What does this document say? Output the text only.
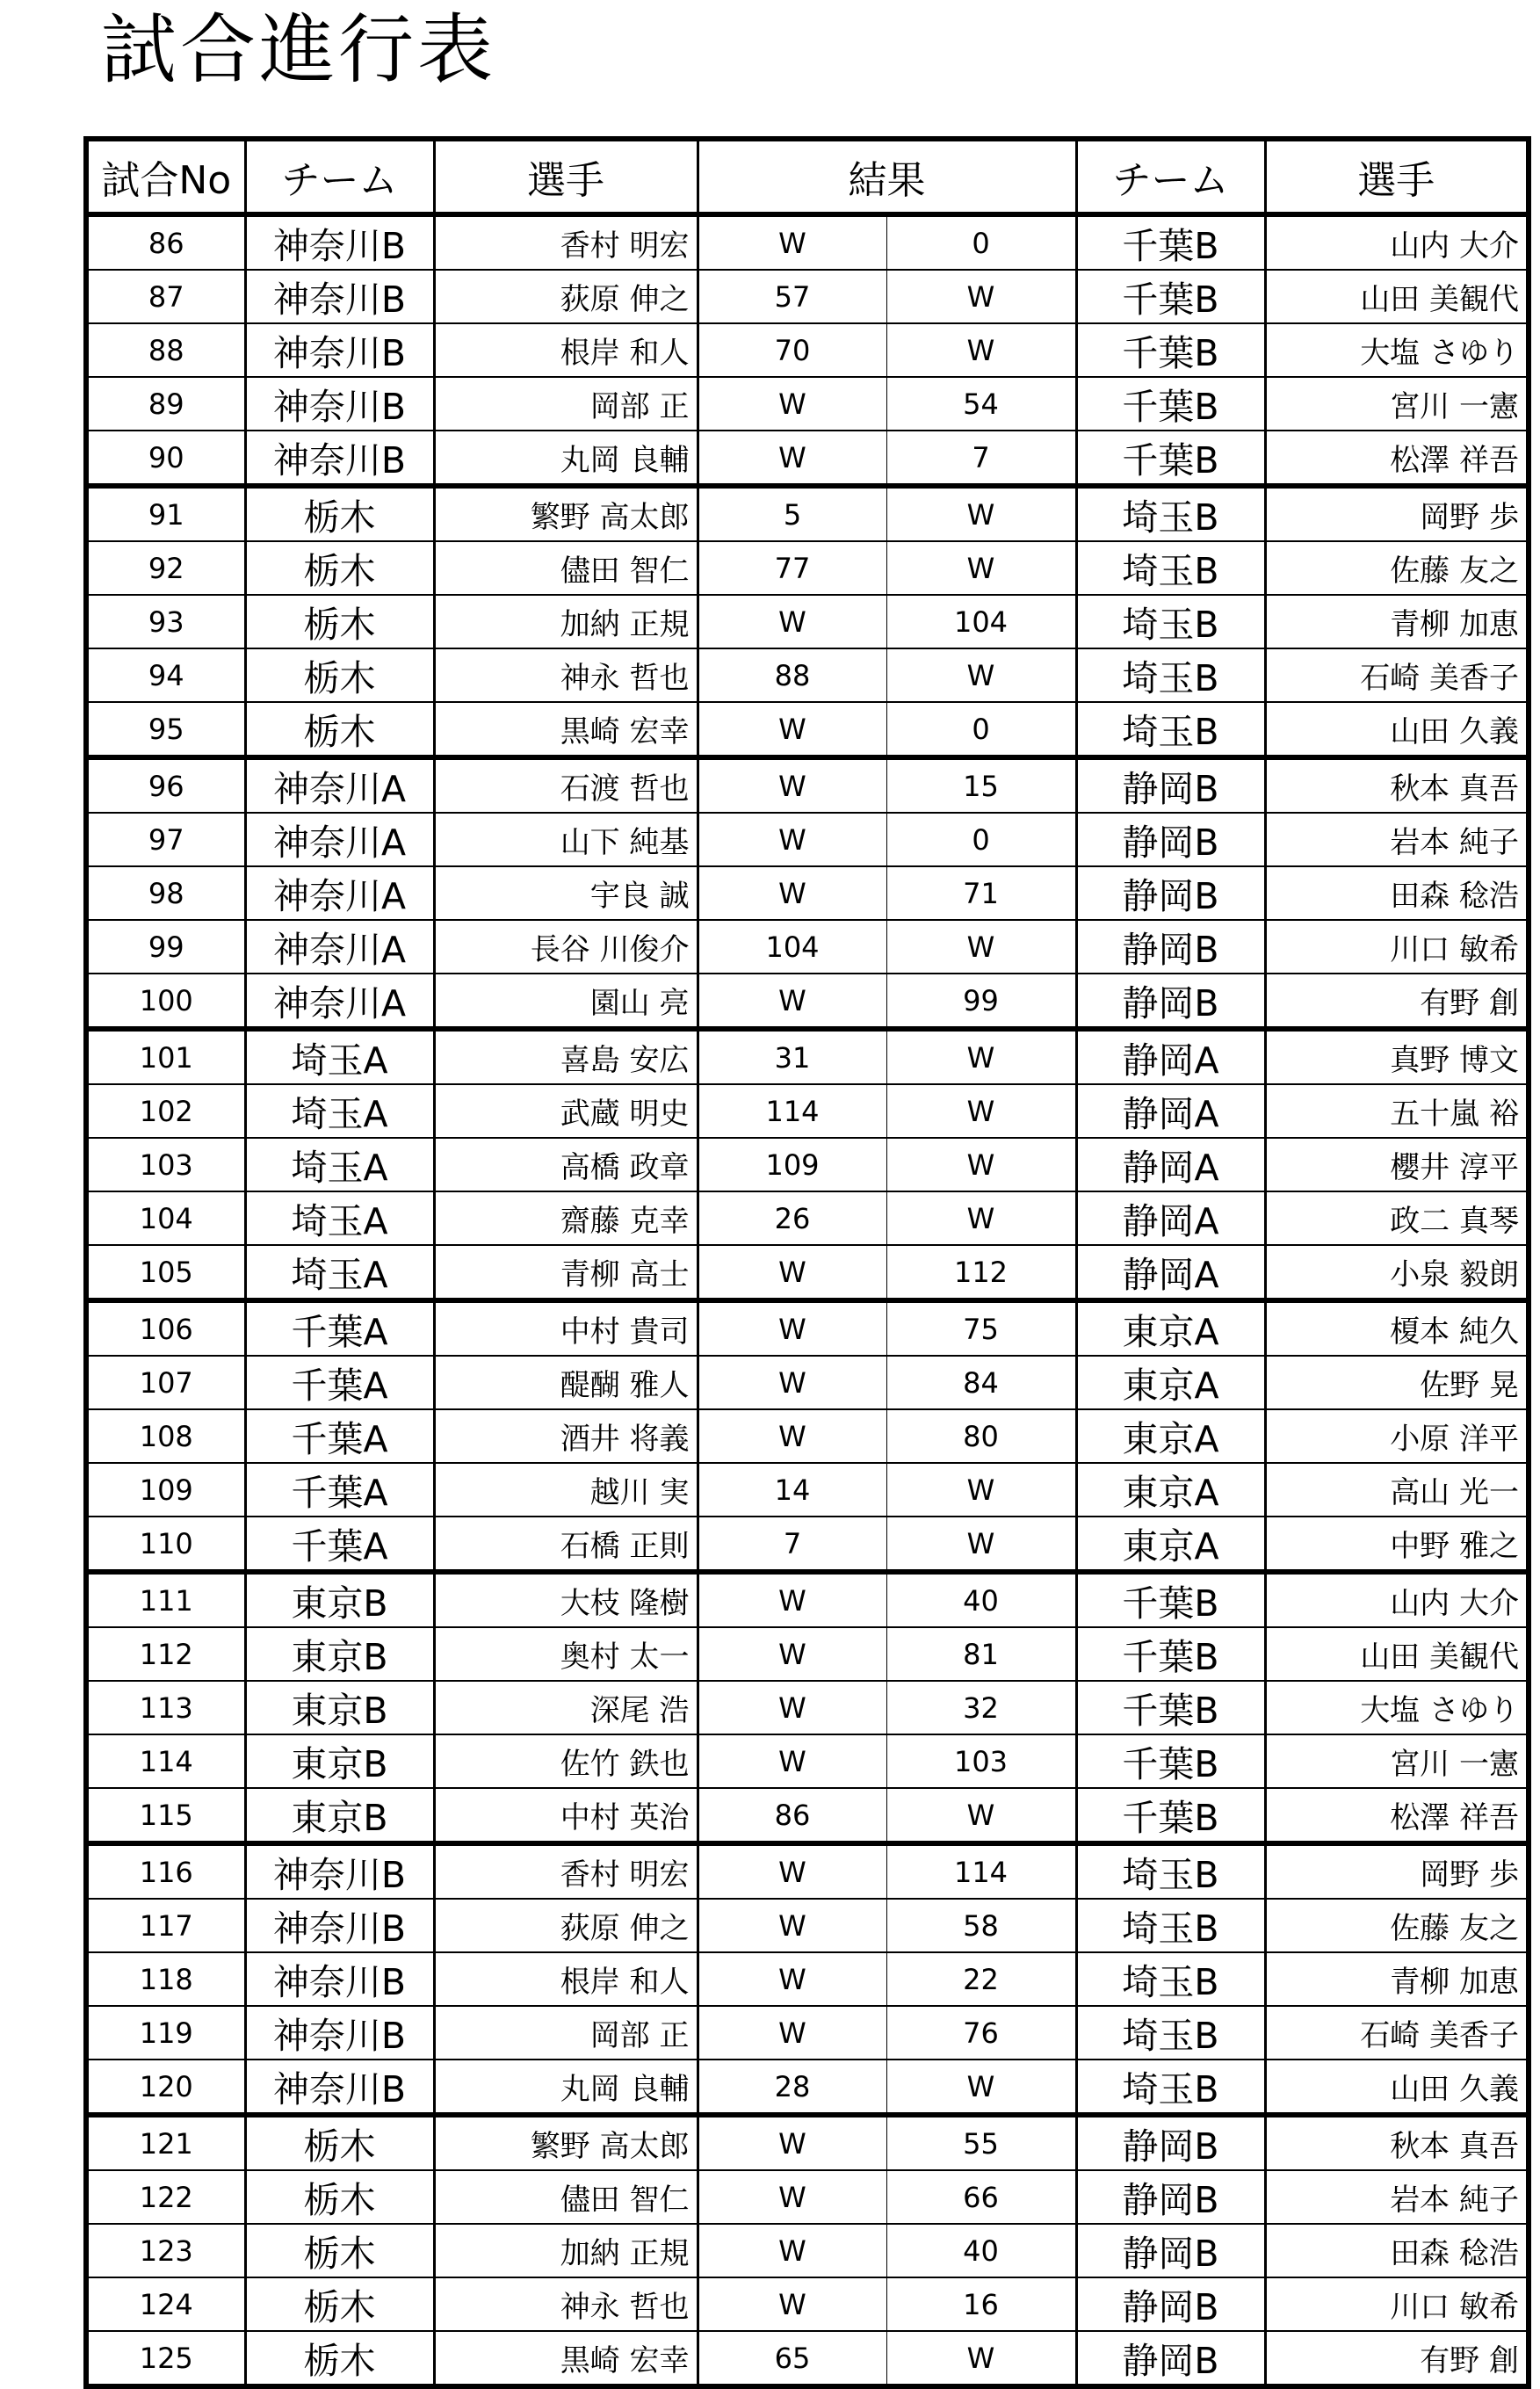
試合進行表
試合No	チーム	選手	結果		チーム	選手
86	神奈川B	香村 明宏	W	0	千葉B	山内 大介
87	神奈川B	荻原 伸之	57	W	千葉B	山田 美観代
88	神奈川B	根岸 和人	70	W	千葉B	大塩 さゆり
89	神奈川B	岡部 正	W	54	千葉B	宮川 一憲
90	神奈川B	丸岡 良輔	W	7	千葉B	松澤 祥吾
91	栃木	繁野 高太郎	5	W	埼玉B	岡野 歩
92	栃木	儘田 智仁	77	W	埼玉B	佐藤 友之
93	栃木	加納 正規	W	104	埼玉B	青柳 加恵
94	栃木	神永 哲也	88	W	埼玉B	石崎 美香子
95	栃木	黒崎 宏幸	W	0	埼玉B	山田 久義
96	神奈川A	石渡 哲也	W	15	静岡B	秋本 真吾
97	神奈川A	山下 純基	W	0	静岡B	岩本 純子
98	神奈川A	宇良 誠	W	71	静岡B	田森 稔浩
99	神奈川A	長谷 川俊介	104	W	静岡B	川口 敏希
100	神奈川A	園山 亮	W	99	静岡B	有野 創
101	埼玉A	喜島 安広	31	W	静岡A	真野 博文
102	埼玉A	武蔵 明史	114	W	静岡A	五十嵐 裕
103	埼玉A	高橋 政章	109	W	静岡A	櫻井 淳平
104	埼玉A	齋藤 克幸	26	W	静岡A	政二 真琴
105	埼玉A	青柳 高士	W	112	静岡A	小泉 毅朗
106	千葉A	中村 貴司	W	75	東京A	榎本 純久
107	千葉A	醍醐 雅人	W	84	東京A	佐野 晃
108	千葉A	酒井 将義	W	80	東京A	小原 洋平
109	千葉A	越川 実	14	W	東京A	高山 光一
110	千葉A	石橋 正則	7	W	東京A	中野 雅之
111	東京B	大枝 隆樹	W	40	千葉B	山内 大介
112	東京B	奥村 太一	W	81	千葉B	山田 美観代
113	東京B	深尾 浩	W	32	千葉B	大塩 さゆり
114	東京B	佐竹 鉄也	W	103	千葉B	宮川 一憲
115	東京B	中村 英治	86	W	千葉B	松澤 祥吾
116	神奈川B	香村 明宏	W	114	埼玉B	岡野 歩
117	神奈川B	荻原 伸之	W	58	埼玉B	佐藤 友之
118	神奈川B	根岸 和人	W	22	埼玉B	青柳 加恵
119	神奈川B	岡部 正	W	76	埼玉B	石崎 美香子
120	神奈川B	丸岡 良輔	28	W	埼玉B	山田 久義
121	栃木	繁野 高太郎	W	55	静岡B	秋本 真吾
122	栃木	儘田 智仁	W	66	静岡B	岩本 純子
123	栃木	加納 正規	W	40	静岡B	田森 稔浩
124	栃木	神永 哲也	W	16	静岡B	川口 敏希
125	栃木	黒崎 宏幸	65	W	静岡B	有野 創
